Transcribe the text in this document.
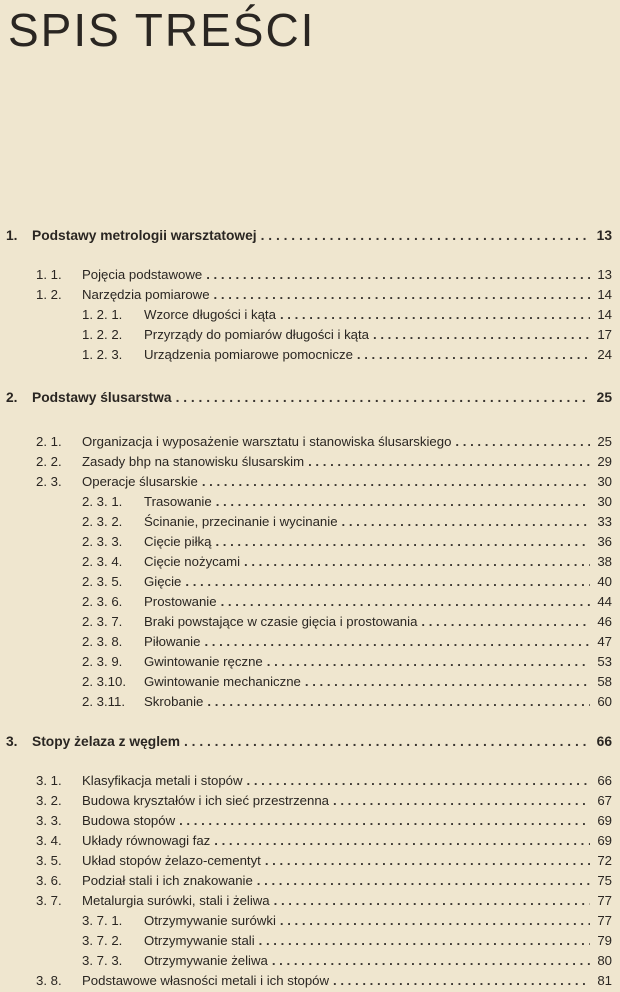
SPIS TREŚCI
1.	Podstawy metrologii warsztatowej . . .	13
1. 1.	Pojęcia podstawowe . . .	13
1. 2.	Narzędzia pomiarowe . . .	14
1. 2. 1.	Wzorce długości i kąta . . .	14
1. 2. 2.	Przyrządy do pomiarów długości i kąta . . .	17
1. 2. 3.	Urządzenia pomiarowe pomocnicze . . .	24
2.	Podstawy ślusarstwa . . .	25
2. 1.	Organizacja i wyposażenie warsztatu i stanowiska ślusarskiego . . .	25
2. 2.	Zasady bhp na stanowisku ślusarskim . . .	29
2. 3.	Operacje ślusarskie . . .	30
2. 3. 1.	Trasowanie . . .	30
2. 3. 2.	Ścinanie, przecinanie i wycinanie . . .	33
2. 3. 3.	Cięcie piłką . . .	36
2. 3. 4.	Cięcie nożycami . . .	38
2. 3. 5.	Gięcie . . .	40
2. 3. 6.	Prostowanie . . .	44
2. 3. 7.	Braki powstające w czasie gięcia i prostowania . . .	46
2. 3. 8.	Piłowanie . . .	47
2. 3. 9.	Gwintowanie ręczne . . .	53
2. 3.10.	Gwintowanie mechaniczne . . .	58
2. 3.11.	Skrobanie . . .	60
3.	Stopy żelaza z węglem . . .	66
3. 1.	Klasyfikacja metali i stopów . . .	66
3. 2.	Budowa kryształów i ich sieć przestrzenna . . .	67
3. 3.	Budowa stopów . . .	69
3. 4.	Układy równowagi faz . . .	69
3. 5.	Układ stopów żelazo-cementyt . . .	72
3. 6.	Podział stali i ich znakowanie . . .	75
3. 7.	Metalurgia surówki, stali i żeliwa . . .	77
3. 7. 1.	Otrzymywanie surówki . . .	77
3. 7. 2.	Otrzymywanie stali . . .	79
3. 7. 3.	Otrzymywanie żeliwa . . .	80
3. 8.	Podstawowe własności metali i ich stopów . . .	81
